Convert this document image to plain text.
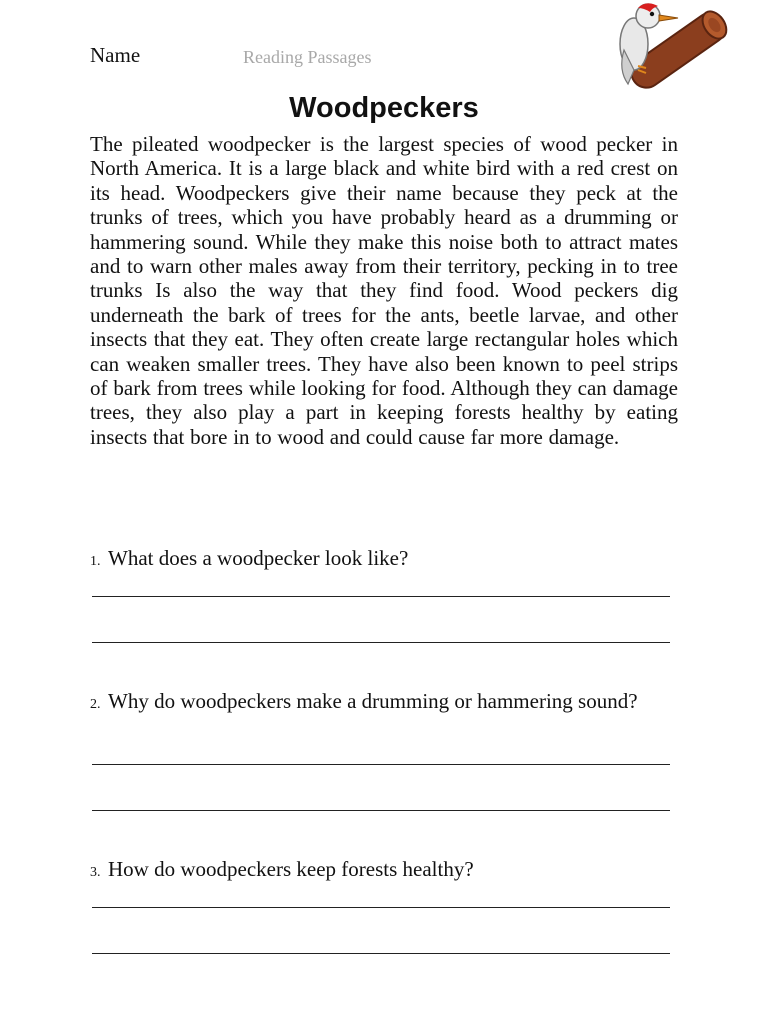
Name	Reading Passages
Woodpeckers

The pileated woodpecker is the largest species of wood pecker in North America. It is a large black and white bird with a red crest on its head. Woodpeckers give their name because they peck at the trunks of trees, which you have probably heard as a drumming or hammering sound. While they make this noise both to attract mates and to warn other males away from their territory, pecking in to tree trunks Is also the way that they find food. Wood peckers dig underneath the bark of trees for the ants, beetle larvae, and other insects that they eat. They often create large rectangular holes which can weaken smaller trees. They have also been known to peel strips of bark from trees while looking for food. Although they can damage trees, they also play a part in keeping forests healthy by eating insects that bore in to wood and could cause far more damage.

1. What does a woodpecker look like?
2. Why do woodpeckers make a drumming or hammering sound?
3. How do woodpeckers keep forests healthy?
